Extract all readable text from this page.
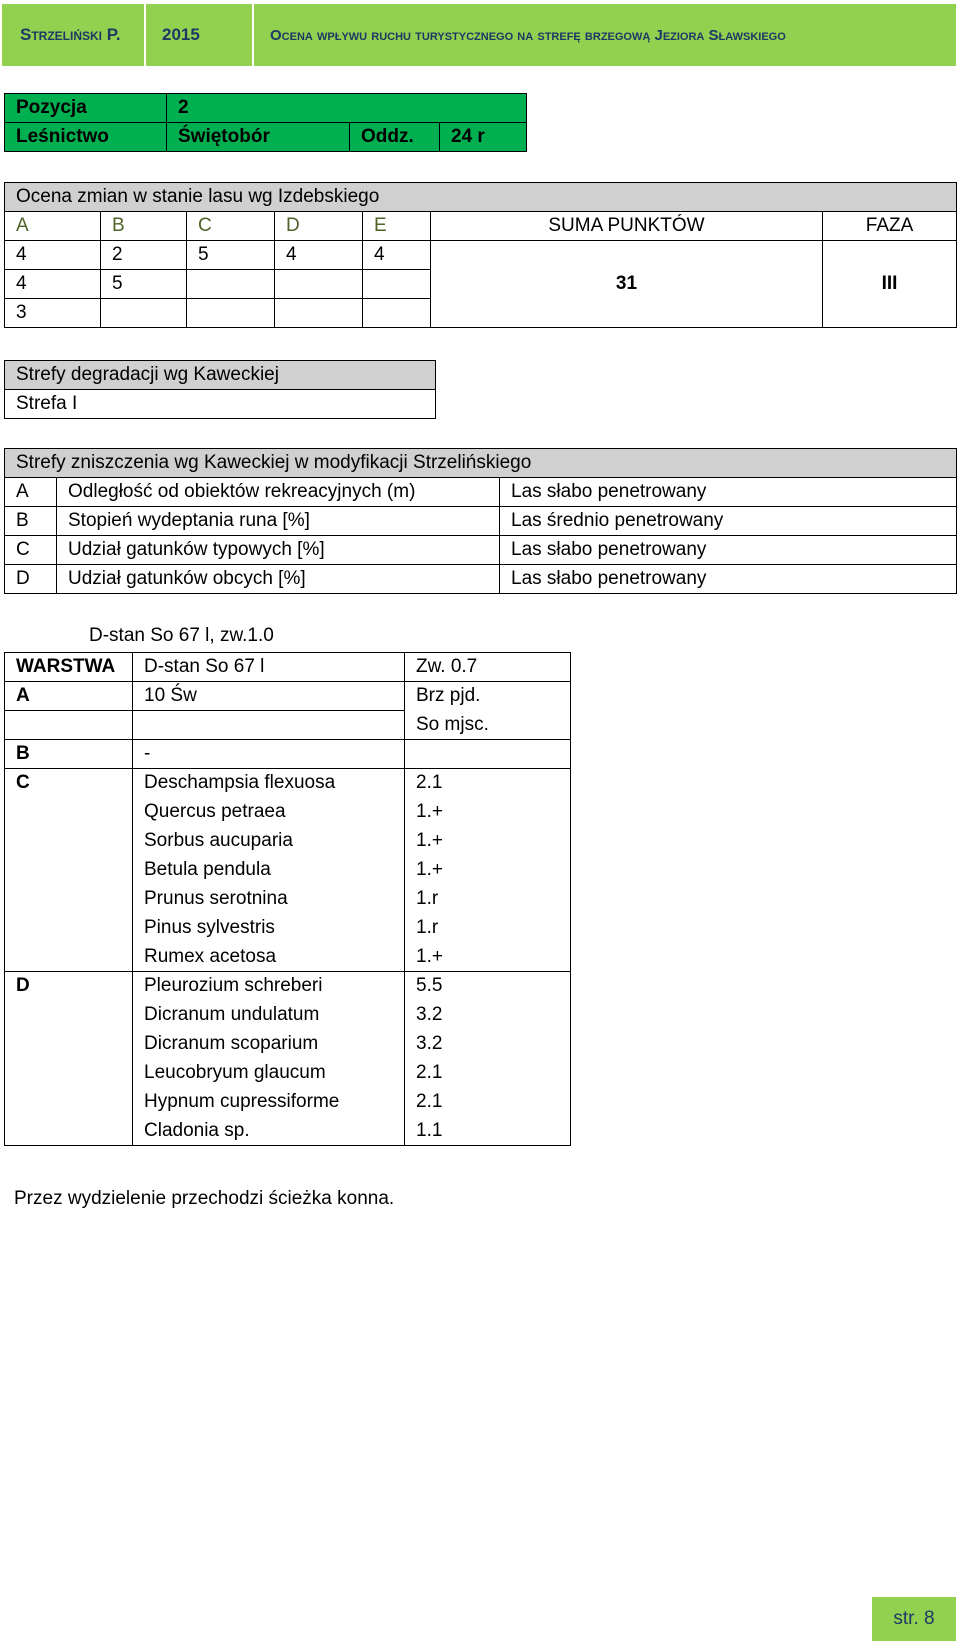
Strzeliński P.	2015	Ocena wpływu ruchu turystycznego na strefę brzegową Jeziora Sławskiego
Pozycja	2		
Leśnictwo	Świętobór	Oddz.	24 r
Ocena zmian w stanie lasu wg Izdebskiego						
A	B	C	D	E	SUMA PUNKTÓW	FAZA
4	2	5	4	4	31	III
4	5					
3						
Strefy degradacji wg Kaweckiej
Strefa I
Strefy zniszczenia wg Kaweckiej w modyfikacji Strzelińskiego		
A	Odległość od obiektów rekreacyjnych (m)	Las słabo penetrowany
B	Stopień wydeptania runa [%]	Las średnio penetrowany
C	Udział gatunków typowych [%]	Las słabo penetrowany
D	Udział gatunków obcych [%]	Las słabo penetrowany
D-stan So 67 l, zw.1.0
WARSTWA	D-stan So 67 l	Zw. 0.7
A	10 Św	Brz pjd.
		So mjsc.
B	-	
C	Deschampsia flexuosa	2.1
	Quercus petraea	1.+
	Sorbus aucuparia	1.+
	Betula pendula	1.+
	Prunus serotnina	1.r
	Pinus sylvestris	1.r
	Rumex acetosa	1.+
D	Pleurozium schreberi	5.5
	Dicranum undulatum	3.2
	Dicranum scoparium	3.2
	Leucobryum glaucum	2.1
	Hypnum cupressiforme	2.1
	Cladonia sp.	1.1
Przez wydzielenie przechodzi ścieżka konna.
str. 8
